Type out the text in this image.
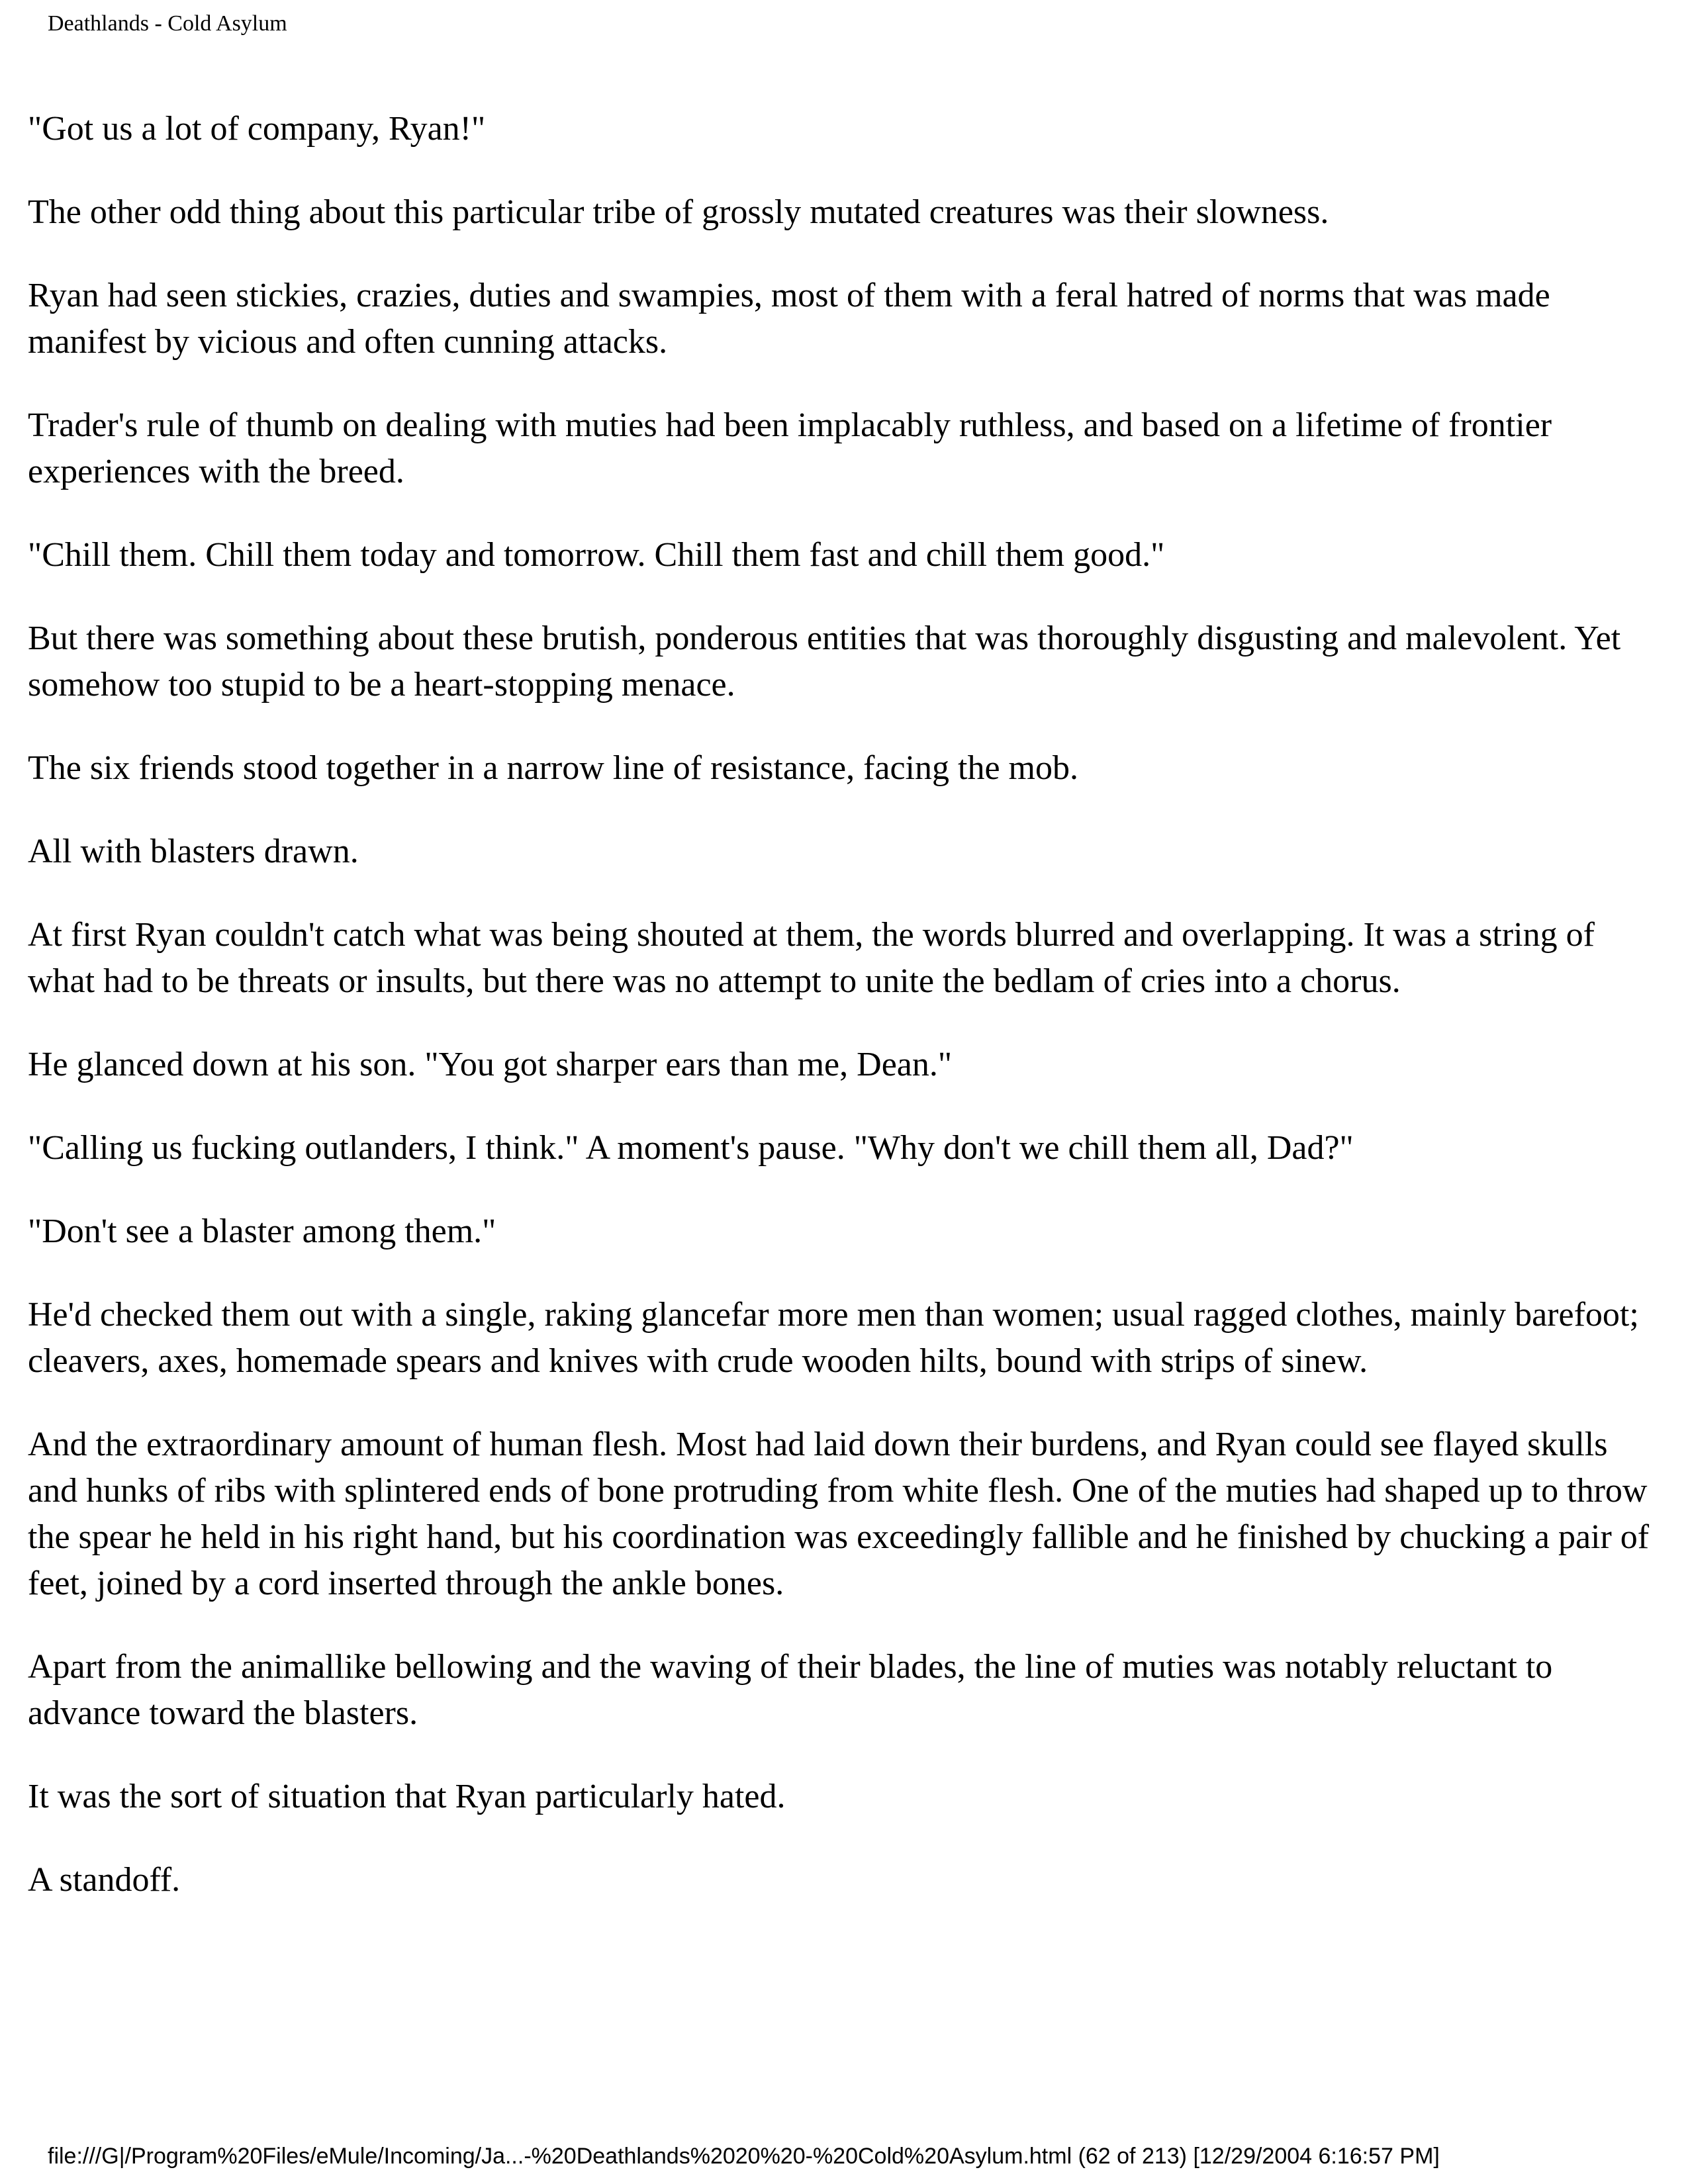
Deathlands - Cold Asylum

"Got us a lot of company, Ryan!"

The other odd thing about this particular tribe of grossly mutated creatures was their slowness.

Ryan had seen stickies, crazies, duties and swampies, most of them with a feral hatred of norms that was made manifest by vicious and often cunning attacks.

Trader's rule of thumb on dealing with muties had been implacably ruthless, and based on a lifetime of frontier experiences with the breed.

"Chill them. Chill them today and tomorrow. Chill them fast and chill them good."

But there was something about these brutish, ponderous entities that was thoroughly disgusting and malevolent. Yet somehow too stupid to be a heart-stopping menace.

The six friends stood together in a narrow line of resistance, facing the mob.

All with blasters drawn.

At first Ryan couldn't catch what was being shouted at them, the words blurred and overlapping. It was a string of what had to be threats or insults, but there was no attempt to unite the bedlam of cries into a chorus.

He glanced down at his son. "You got sharper ears than me, Dean."

"Calling us fucking outlanders, I think." A moment's pause. "Why don't we chill them all, Dad?"

"Don't see a blaster among them."

He'd checked them out with a single, raking glancefar more men than women; usual ragged clothes, mainly barefoot; cleavers, axes, homemade spears and knives with crude wooden hilts, bound with strips of sinew.

And the extraordinary amount of human flesh. Most had laid down their burdens, and Ryan could see flayed skulls and hunks of ribs with splintered ends of bone protruding from white flesh. One of the muties had shaped up to throw the spear he held in his right hand, but his coordination was exceedingly fallible and he finished by chucking a pair of feet, joined by a cord inserted through the ankle bones.

Apart from the animallike bellowing and the waving of their blades, the line of muties was notably reluctant to advance toward the blasters.

It was the sort of situation that Ryan particularly hated.

A standoff.

file:///G|/Program%20Files/eMule/Incoming/Ja...-%20Deathlands%2020%20-%20Cold%20Asylum.html (62 of 213) [12/29/2004 6:16:57 PM]
